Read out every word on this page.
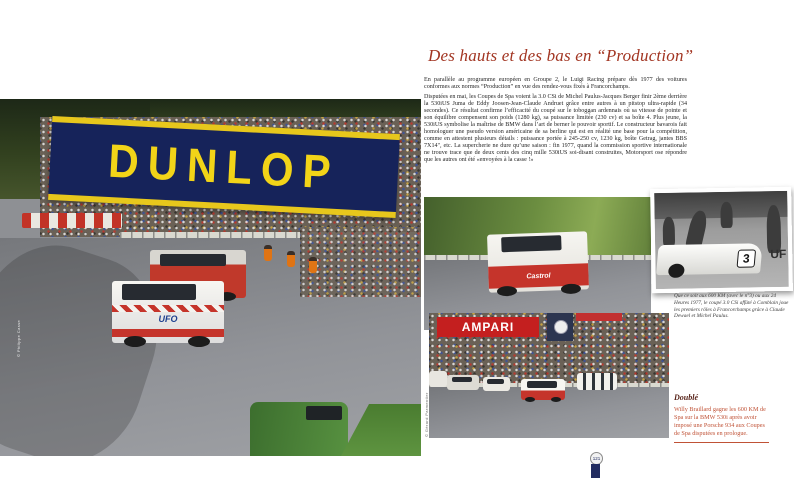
DUNLOP
UFO
© Philippe Casse
Des hauts et des bas en “Production”

En parallèle au programme européen en Groupe 2, le Luigi Racing prépare dès 1977 des voitures conformes aux normes “Production” en vue des rendez-vous fixés à Francorchamps.

Disputées en mai, les Coupes de Spa voient la 3.0 CSi de Michel Paulus-Jacques Berger finir 2ème derrière la 530iUS Juma de Eddy Joosen-Jean-Claude Andruet grâce entre autres à un pitstop ultra-rapide (34 secondes). Ce résultat confirme l’efficacité du coupé sur le toboggan ardennais où sa vitesse de pointe et son équilibre compensent son poids (1280 kg), sa puissance limitée (230 cv) et sa boîte 4. Plus jeune, la 530iUS symbolise la maîtrise de BMW dans l’art de berner le pouvoir sportif. Le constructeur bavarois fait homologuer une pseudo version américaine de sa berline qui est en réalité une base pour la compétition, comme en attestent plusieurs détails : puissance portée à 245-250 cv, 1230 kg, boîte Getrag, jantes BBS 7X14", etc. La supercherie ne dure qu’une saison : fin 1977, quand la commission sportive internationale ne trouve trace que de deux cents des cinq mille 530iUS soi-disant construites, Motorsport ose répondre que les autres ont été «envoyées à la casse !»

Castrol
3	UF
Que ce soit aux 600 KM (avec le n°3) ou aux 24 Heures 1977, le coupé 3.0 CSi affûté à Comblain joue les premiers rôles à Francorchamps grâce à Claude Dewael et Michel Paulus.
AMPARI
© Gérard Parmentier	Doublé

Willy Braillard gagne les 600 KM de Spa sur la BMW 530i après avoir imposé une Porsche 934 aux Coupes de Spa disputées en prologue.

121
